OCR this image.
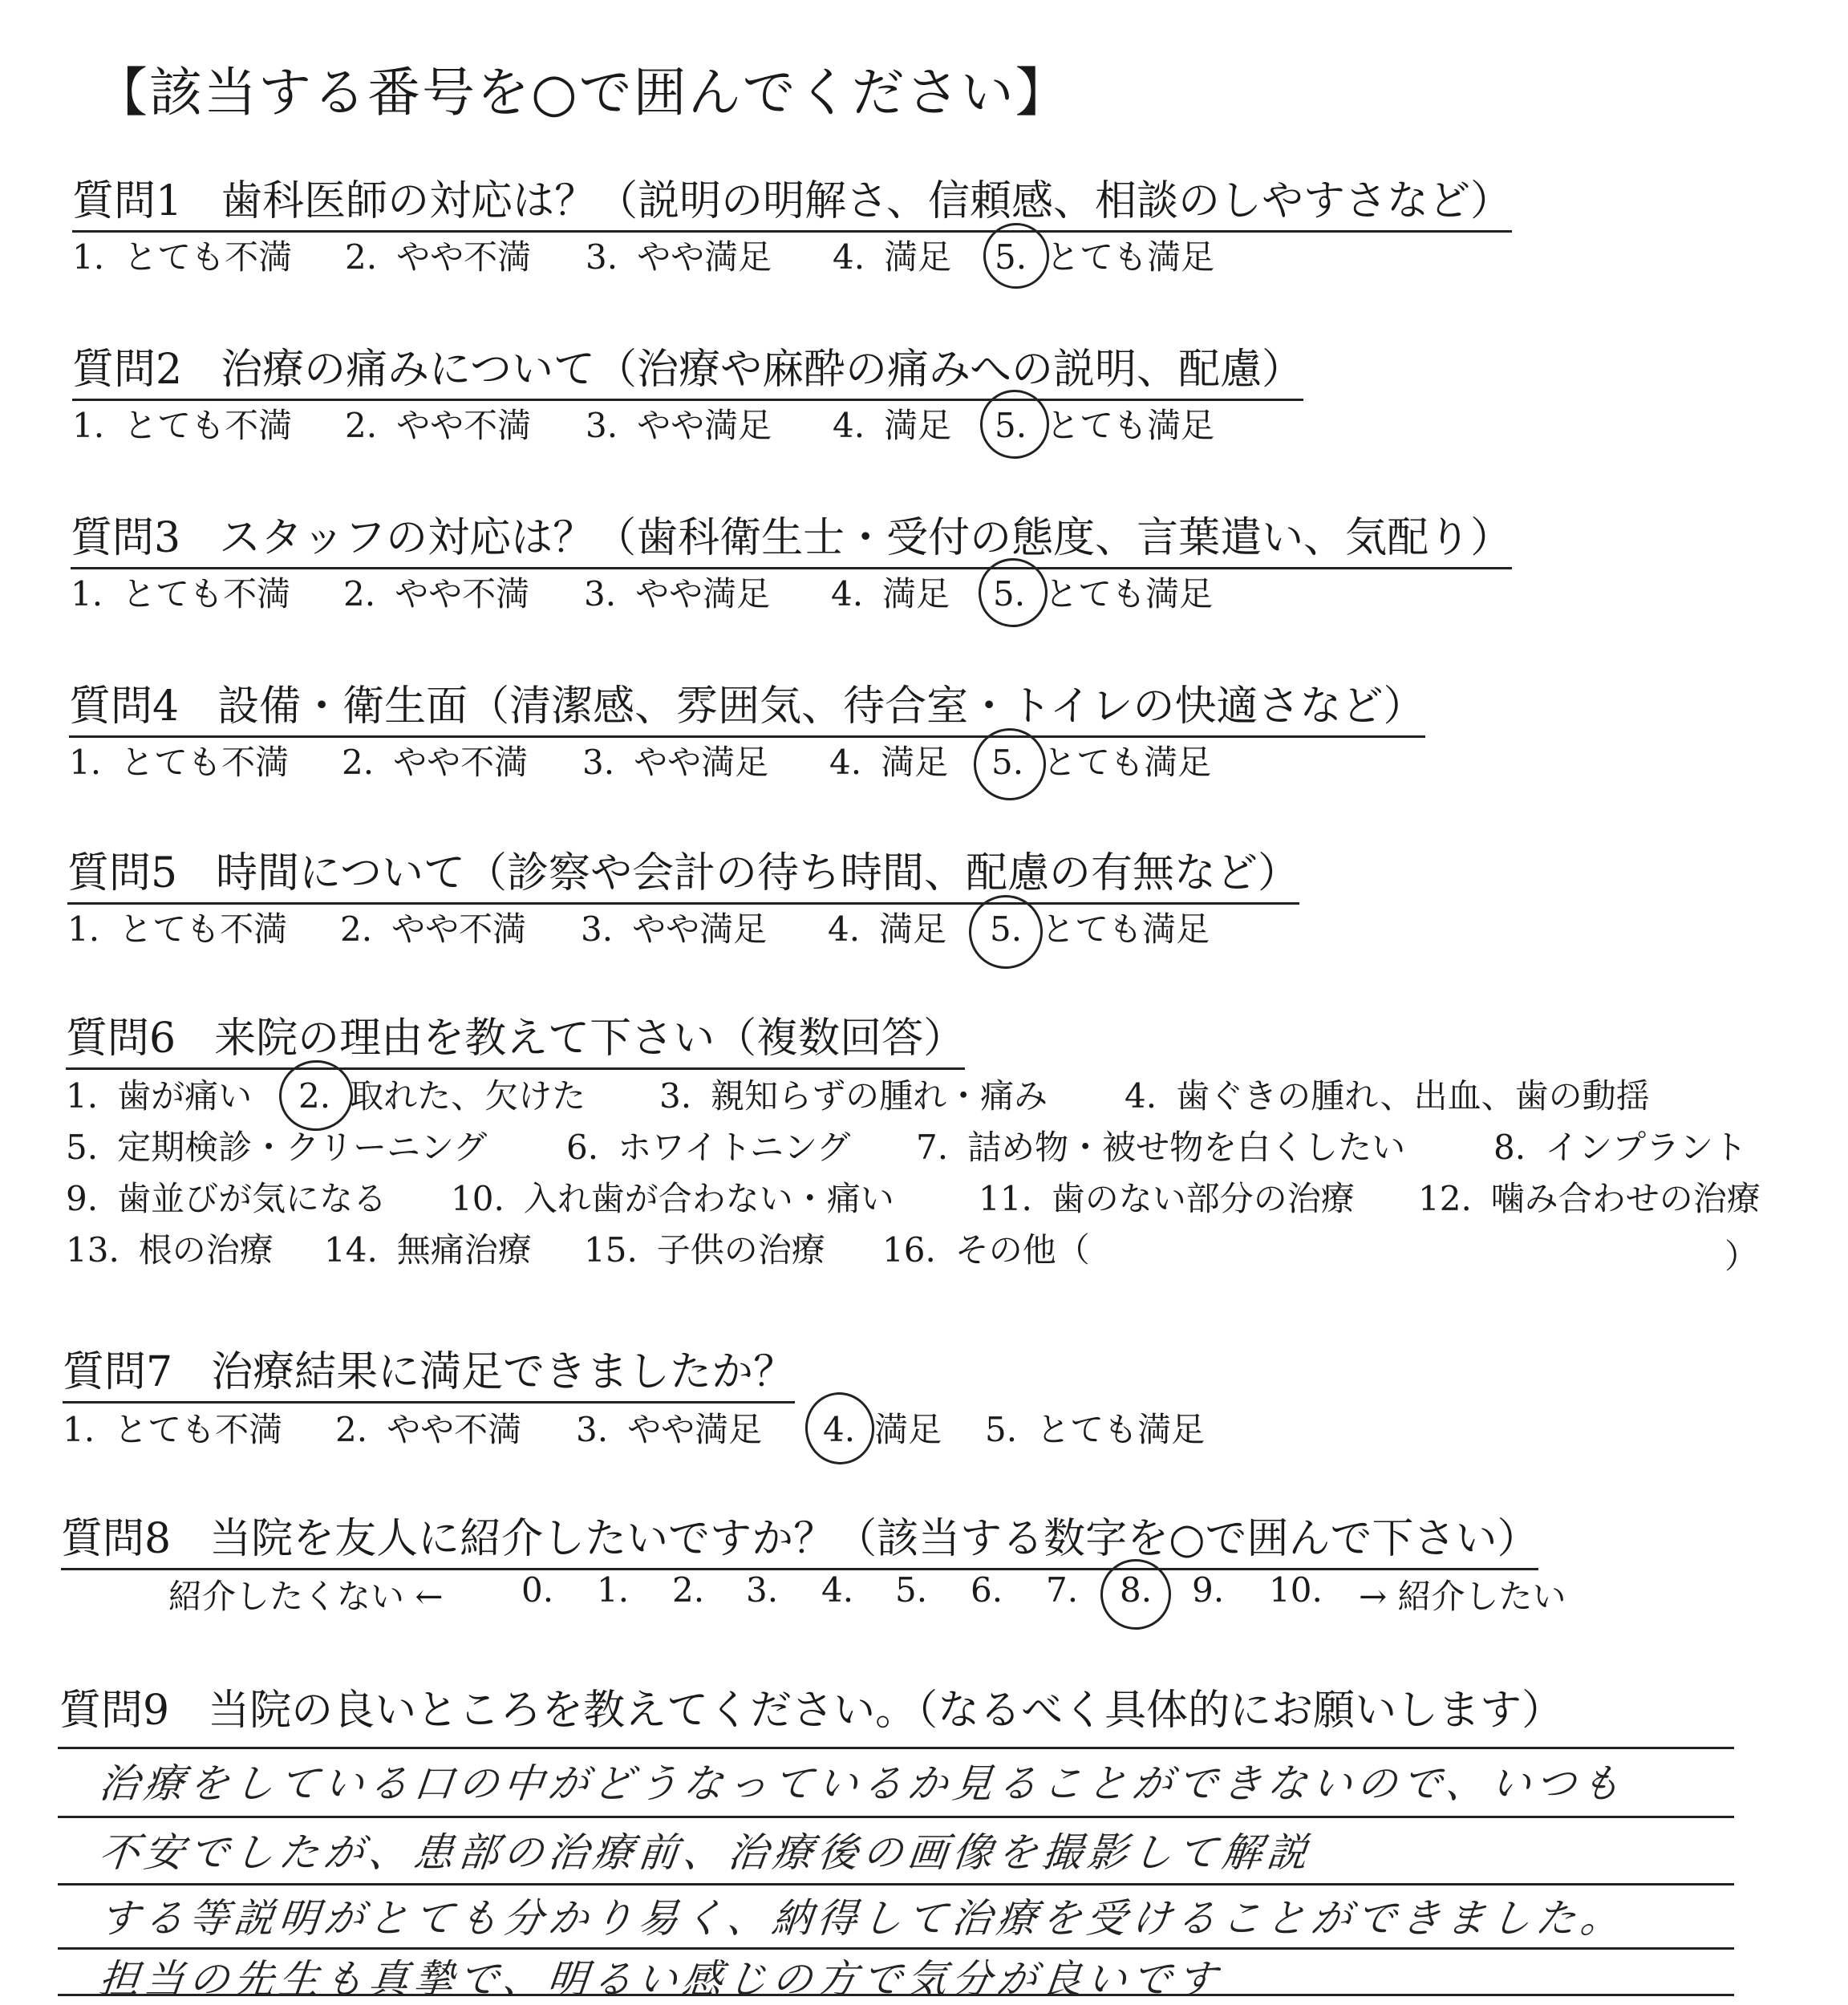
【該当する番号を○で囲んでください】
質問1 歯科医師の対応は？（説明の明解さ、信頼感、相談のしやすさなど）
1. とても不満 2. やや不満 3. やや満足 4. 満足 5. とても満足
質問2 治療の痛みについて（治療や麻酔の痛みへの説明、配慮）
1. とても不満 2. やや不満 3. やや満足 4. 満足 5. とても満足
質問3 スタッフの対応は？（歯科衛生士・受付の態度、言葉遣い、気配り）
1. とても不満 2. やや不満 3. やや満足 4. 満足 5. とても満足
質問4 設備・衛生面（清潔感、雰囲気、待合室・トイレの快適さなど）
1. とても不満 2. やや不満 3. やや満足 4. 満足 5. とても満足
質問5 時間について（診察や会計の待ち時間、配慮の有無など）
1. とても不満 2. やや不満 3. やや満足 4. 満足 5. とても満足
質問6 来院の理由を教えて下さい（複数回答）
1. 歯が痛い 2. 取れた、欠けた 3. 親知らずの腫れ・痛み 4. 歯ぐきの腫れ、出血、歯の動揺
5. 定期検診・クリーニング 6. ホワイトニング 7. 詰め物・被せ物を白くしたい	8. インプラント
9. 歯並びが気になる 10. 入れ歯が合わない・痛い	11. 歯のない部分の治療 12. 噛み合わせの治療
13. 根の治療 14. 無痛治療 15. 子供の治療 16. その他（	）
質問7 治療結果に満足できましたか？
1. とても不満 2. やや不満 3. やや満足 4. 満足 5. とても満足
質問8 当院を友人に紹介したいですか？（該当する数字を○で囲んで下さい）
紹介したくない ← 0. 1. 2. 3. 4. 5. 6. 7. 8. 9. 10. → 紹介したい
質問9 当院の良いところを教えてください。（なるべく具体的にお願いします）
治療をしている口の中がどうなっているか見ることができないので、いつも
不安でしたが、患部の治療前、治療後の画像を撮影して解説
する等説明がとても分かり易く、納得して治療を受けることができました。
担当の先生も真摯で、明るい感じの方で気分が良いです
